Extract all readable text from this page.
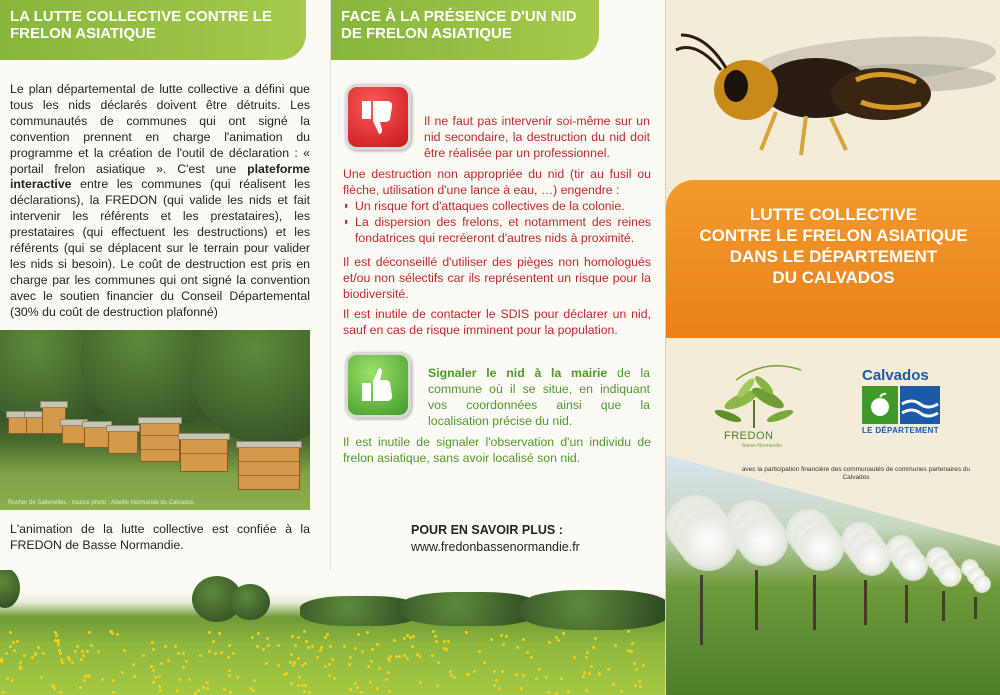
LA LUTTE COLLECTIVE CONTRE LE FRELON ASIATIQUE

Le plan départemental de lutte collective a défini que tous les nids déclarés doivent être détruits. Les communautés de communes qui ont signé la convention prennent en charge l'animation du programme et la création de l'outil de déclaration : « portail frelon asiatique ». C'est une plateforme interactive entre les communes (qui réalisent les déclarations), la FREDON (qui valide les nids et fait intervenir les référents et les prestataires), les prestataires (qui effectuent les destructions) et les référents (qui se déplacent sur le terrain pour valider les nids si besoin). Le coût de destruction est pris en charge par les communes qui ont signé la convention avec le soutien financier du Conseil Départemental (30% du coût de destruction plafonné)

Rucher de Sallenelles - source photo : Abeille Normande du Calvados

L'animation de la lutte collective est confiée à la FREDON de Basse Normandie.

FACE À LA PRÉSENCE D'UN NID DE FRELON ASIATIQUE

Il ne faut pas intervenir soi-même sur un nid secondaire, la destruction du nid doit être réalisée par un professionnel.

Une destruction non appropriée du nid (tir au fusil ou flèche, utilisation d'une lance à eau, …) engendre :
◗ Un risque fort d'attaques collectives de la colonie.
◗ La dispersion des frelons, et notamment des reines fondatrices qui recréeront d'autres nids à proximité.

Il est déconseillé d'utiliser des pièges non homologués et/ou non sélectifs car ils représentent un risque pour la biodiversité.

Il est inutile de contacter le SDIS pour déclarer un nid, sauf en cas de risque imminent pour la population.

Signaler le nid à la mairie de la commune où il se situe, en indiquant vos coordonnées ainsi que la localisation précise du nid.

Il est inutile de signaler l'observation d'un individu de frelon asiatique, sans avoir localisé son nid.

POUR EN SAVOIR PLUS :
www.fredonbassenormandie.fr
LUTTE COLLECTIVE
CONTRE LE FRELON ASIATIQUE
DANS LE DÉPARTEMENT
DU CALVADOS
FREDON
Basse-Normandie
Calvados
LE DÉPARTEMENT
avec la participation financière des communautés de communes partenaires du Calvados
